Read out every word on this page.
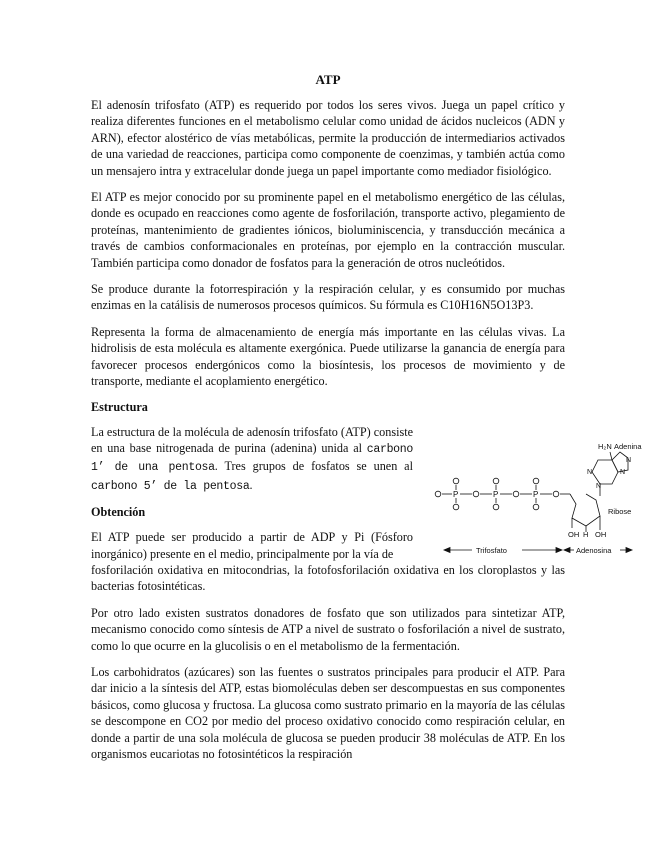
ATP

El adenosín trifosfato (ATP) es requerido por todos los seres vivos. Juega un papel crítico y realiza diferentes funciones en el metabolismo celular como unidad de ácidos nucleicos (ADN y ARN), efector alostérico de vías metabólicas, permite la producción de intermediarios activados de una variedad de reacciones, participa como componente de coenzimas, y también actúa como un mensajero intra y extracelular donde juega un papel importante como mediador fisiológico.

El ATP es mejor conocido por su prominente papel en el metabolismo energético de las células, donde es ocupado en reacciones como agente de fosforilación, transporte activo, plegamiento de proteínas, mantenimiento de gradientes iónicos, bioluminiscencia, y transducción mecánica a través de cambios conformacionales en proteínas, por ejemplo en la contracción muscular. También participa como donador de fosfatos para la generación de otros nucleótidos.

Se produce durante la fotorrespiración y la respiración celular, y es consumido por muchas enzimas en la catálisis de numerosos procesos químicos. Su fórmula es C10H16N5O13P3.

Representa la forma de almacenamiento de energía más importante en las células vivas. La hidrolisis de esta molécula es altamente exergónica. Puede utilizarse la ganancia de energía para favorecer procesos endergónicos como la biosíntesis, los procesos de movimiento y de transporte, mediante el acoplamiento energético.

Estructura

La estructura de la molécula de adenosín trifosfato (ATP) consiste en una base nitrogenada de purina (adenina) unida al carbono 1’ de una pentosa. Tres grupos de fosfatos se unen al carbono 5’ de la pentosa.

Obtención

El ATP puede ser producido a partir de ADP y Pi (Fósforo inorgánico) presente en el medio, principalmente por la vía de

fosforilación oxidativa en mitocondrias, la fotofosforilación oxidativa en los cloroplastos y las bacterias fotosintéticas.

Por otro lado existen sustratos donadores de fosfato que son utilizados para sintetizar ATP, mecanismo conocido como síntesis de ATP a nivel de sustrato o fosforilación a nivel de sustrato, como lo que ocurre en la glucolisis o en el metabolismo de la fermentación.

Los carbohidratos (azúcares) son las fuentes o sustratos principales para producir el ATP. Para dar inicio a la síntesis del ATP, estas biomoléculas deben ser descompuestas en sus componentes básicos, como glucosa y fructosa. La glucosa como sustrato primario en la mayoría de las células se descompone en CO2 por medio del proceso oxidativo conocido como respiración celular, en donde a partir de una sola molécula de glucosa se pueden producir 38 moléculas de ATP. En los organismos eucariotas no fotosintéticos la respiración

P	P	P
OH H OH
Ribose
N
N	N
N
H₂N Adenina
Trifosfato	Adenosina
